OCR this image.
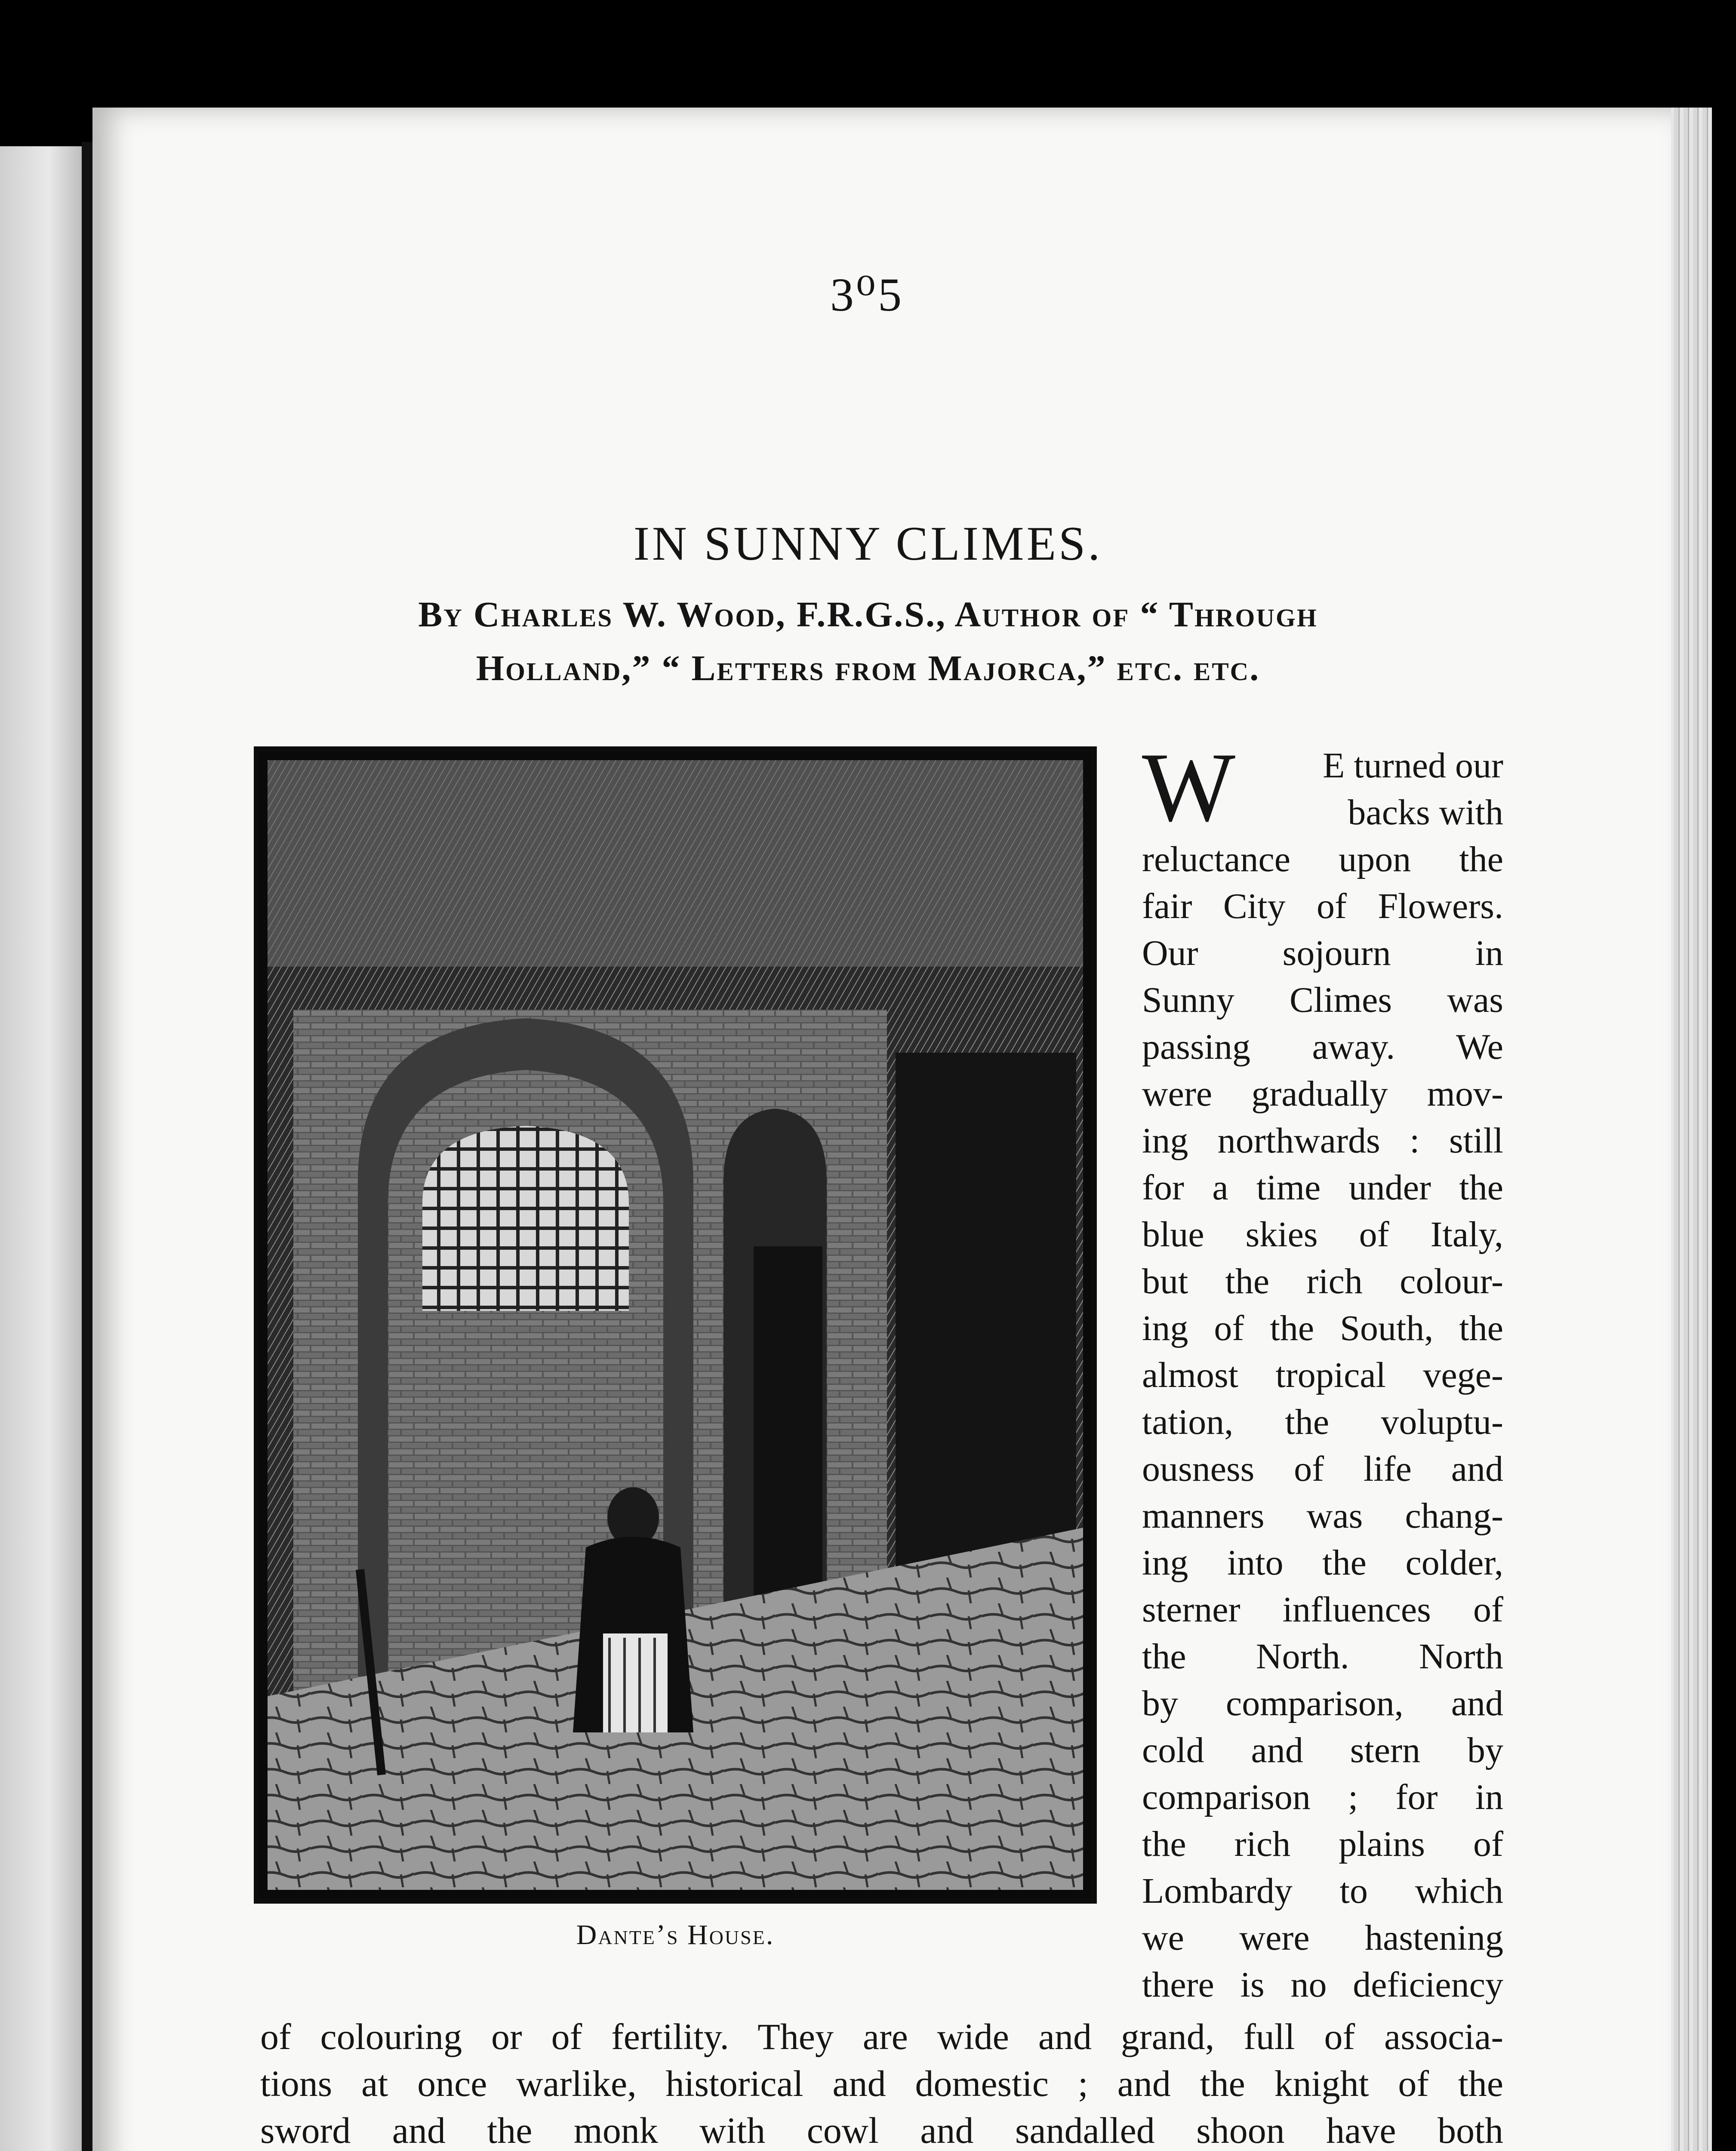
3⁰5
IN SUNNY CLIMES.
By Charles W. Wood, F.R.G.S., Author of “ Through
Holland,” “ Letters from Majorca,” etc. etc.
Dante’s House.
W	E turned our
backs with
reluctance upon the
fair City of Flowers.
Our sojourn in
Sunny Climes was
passing away. We
were gradually mov-
ing northwards : still
for a time under the
blue skies of Italy,
but the rich colour-
ing of the South, the
almost tropical vege-
tation, the voluptu-
ousness of life and
manners was chang-
ing into the colder,
sterner influences of
the North. North
by comparison, and
cold and stern by
comparison ; for in
the rich plains of
Lombardy to which
we were hastening
there is no deficiency
of colouring or of fertility. They are wide and grand, full of associa-
tions at once warlike, historical and domestic ; and the knight of the
sword and the monk with cowl and sandalled shoon have both
